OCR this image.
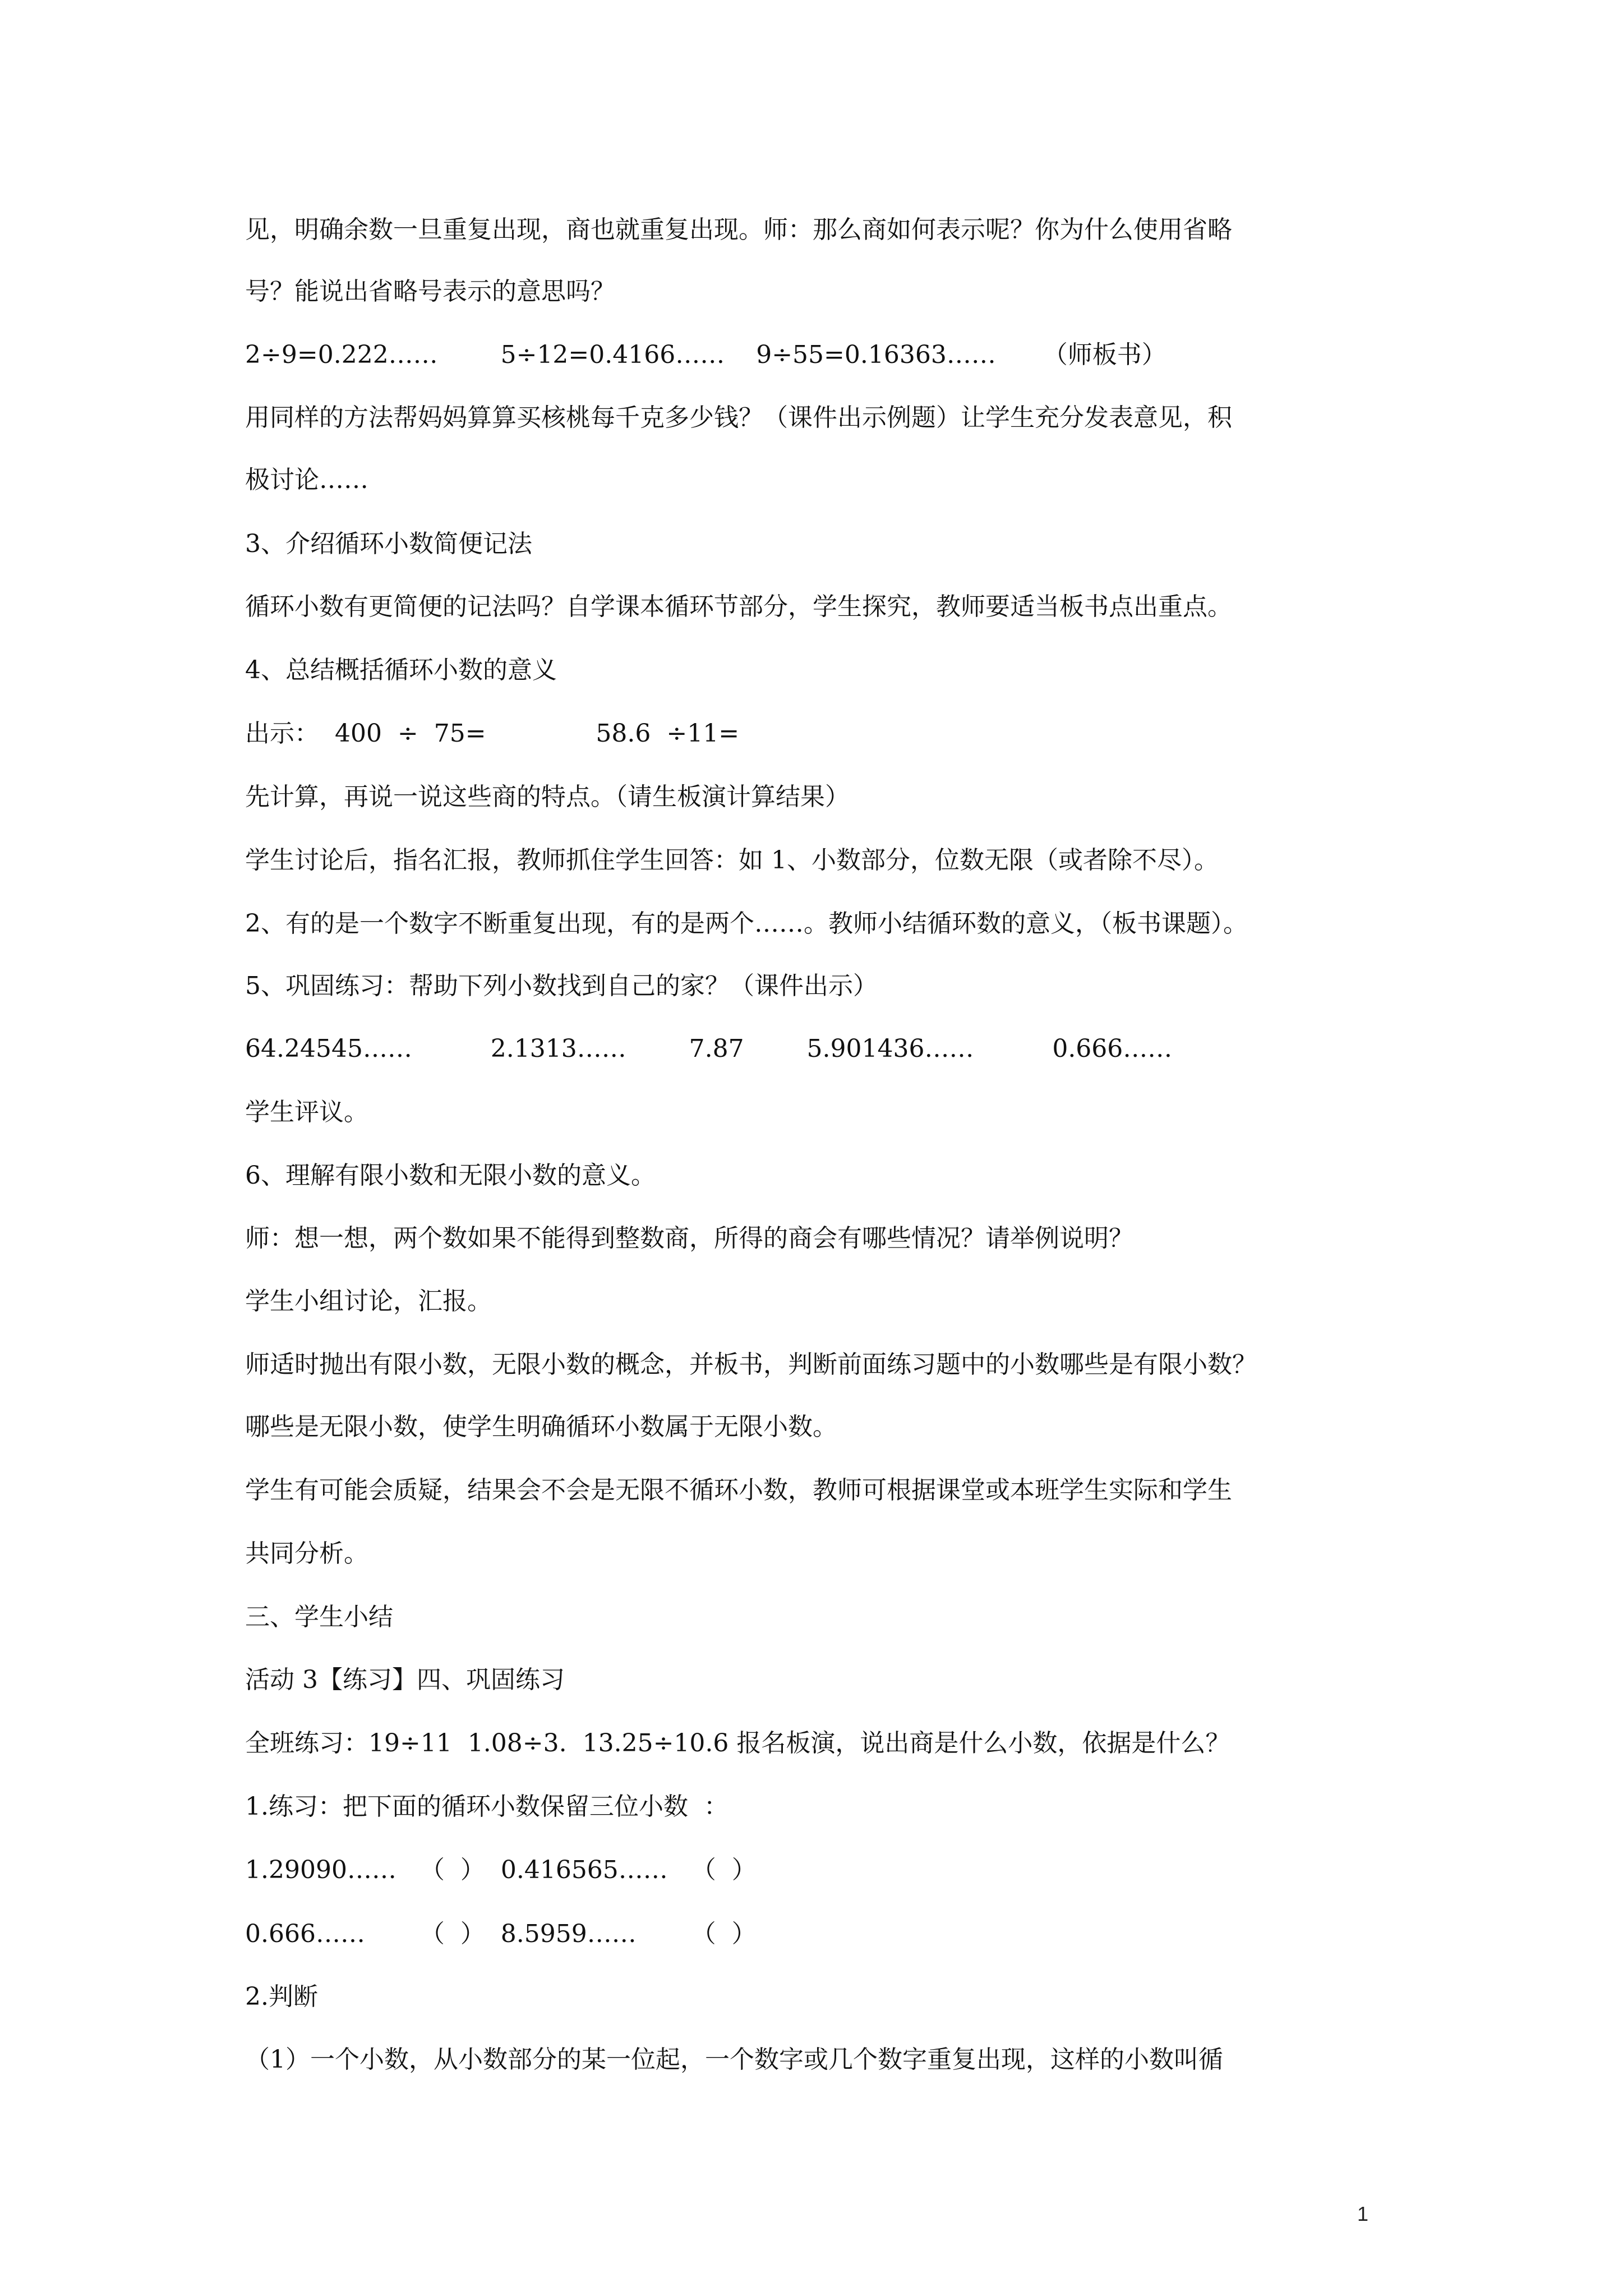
见，明确余数一旦重复出现，商也就重复出现。师：那么商如何表示呢？你为什么使用省略
号？能说出省略号表示的意思吗？
2÷9=0.222……        5÷12=0.4166……    9÷55=0.16363……      （师板书）
用同样的方法帮妈妈算算买核桃每千克多少钱？（课件出示例题）让学生充分发表意见，积
极讨论……
3、介绍循环小数简便记法
循环小数有更简便的记法吗？自学课本循环节部分，学生探究，教师要适当板书点出重点。
4、总结概括循环小数的意义
出示：  400  ÷  75=              58.6  ÷11=
先计算，再说一说这些商的特点。（请生板演计算结果）
学生讨论后，指名汇报，教师抓住学生回答：如 1、小数部分，位数无限（或者除不尽）。
2、有的是一个数字不断重复出现，有的是两个……。教师小结循环数的意义，（板书课题）。
5、巩固练习：帮助下列小数找到自己的家？（课件出示）
64.24545……          2.1313……        7.87        5.901436……          0.666……
学生评议。
6、理解有限小数和无限小数的意义。
师：想一想，两个数如果不能得到整数商，所得的商会有哪些情况？请举例说明？
学生小组讨论，汇报。
师适时抛出有限小数，无限小数的概念，并板书，判断前面练习题中的小数哪些是有限小数？
哪些是无限小数，使学生明确循环小数属于无限小数。
学生有可能会质疑，结果会不会是无限不循环小数，教师可根据课堂或本班学生实际和学生
共同分析。
三、学生小结
活动 3【练习】四、巩固练习
全班练习：19÷11  1.08÷3.  13.25÷10.6 报名板演，说出商是什么小数，依据是什么？
1.练习：把下面的循环小数保留三位小数  ：
1.29090……   （  ）  0.416565……   （  ）
0.666……       （  ）  8.5959……       （  ）
2.判断
（1）一个小数，从小数部分的某一位起，一个数字或几个数字重复出现，这样的小数叫循
1
